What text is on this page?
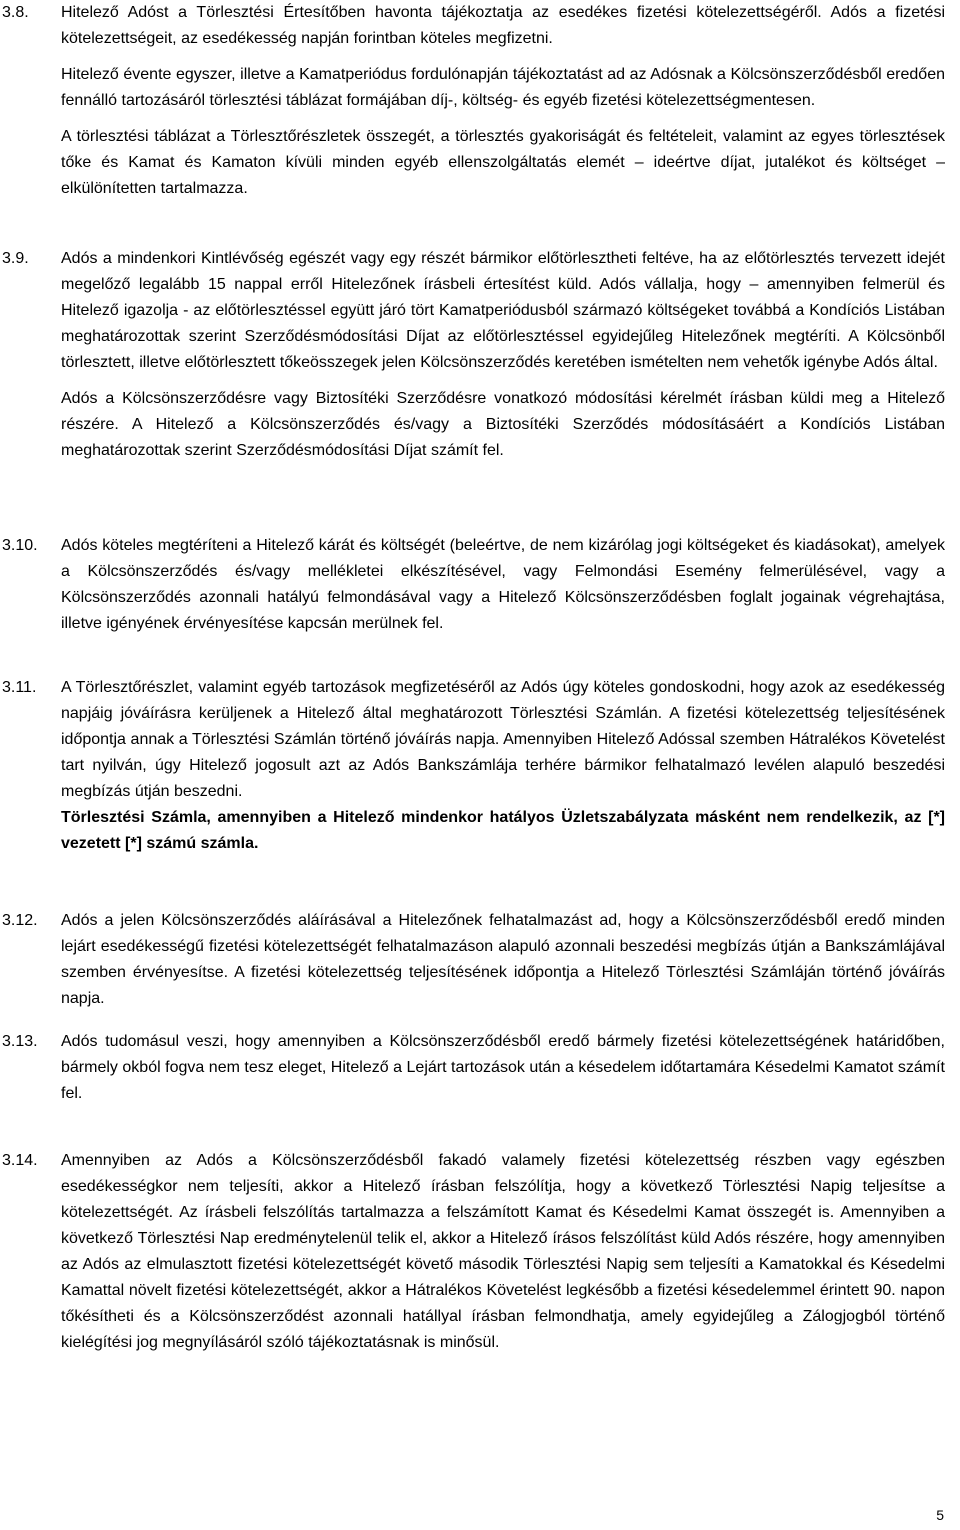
3.8. Hitelező Adóst a Törlesztési Értesítőben havonta tájékoztatja az esedékes fizetési kötelezettségéről. Adós a fizetési kötelezettségeit, az esedékesség napján forintban köteles megfizetni.

Hitelező évente egyszer, illetve a Kamatperiódus fordulónapján tájékoztatást ad az Adósnak a Kölcsönszerződésből eredően fennálló tartozásáról törlesztési táblázat formájában díj-, költség- és egyéb fizetési kötelezettségmentesen.

A törlesztési táblázat a Törlesztőrészletek összegét, a törlesztés gyakoriságát és feltételeit, valamint az egyes törlesztések tőke és Kamat és Kamaton kívüli minden egyéb ellenszolgáltatás elemét – ideértve díjat, jutalékot és költséget – elkülönítetten tartalmazza.

3.9. Adós a mindenkori Kintlévőség egészét vagy egy részét bármikor előtörlesztheti feltéve, ha az előtörlesztés tervezett idejét megelőző legalább 15 nappal erről Hitelezőnek írásbeli értesítést küld. Adós vállalja, hogy – amennyiben felmerül és Hitelező igazolja - az előtörlesztéssel együtt járó tört Kamatperiódusból származó költségeket továbbá a Kondíciós Listában meghatározottak szerint Szerződésmódosítási Díjat az előtörlesztéssel egyidejűleg Hitelezőnek megtéríti. A Kölcsönből törlesztett, illetve előtörlesztett tőkeösszegek jelen Kölcsönszerződés keretében ismételten nem vehetők igénybe Adós által.

Adós a Kölcsönszerződésre vagy Biztosítéki Szerződésre vonatkozó módosítási kérelmét írásban küldi meg a Hitelező részére. A Hitelező a Kölcsönszerződés és/vagy a Biztosítéki Szerződés módosításáért a Kondíciós Listában meghatározottak szerint Szerződésmódosítási Díjat számít fel.

3.10. Adós köteles megtéríteni a Hitelező kárát és költségét (beleértve, de nem kizárólag jogi költségeket és kiadásokat), amelyek a Kölcsönszerződés és/vagy mellékletei elkészítésével, vagy Felmondási Esemény felmerülésével, vagy a Kölcsönszerződés azonnali hatályú felmondásával vagy a Hitelező Kölcsönszerződésben foglalt jogainak végrehajtása, illetve igényének érvényesítése kapcsán merülnek fel.

3.11. A Törlesztőrészlet, valamint egyéb tartozások megfizetéséről az Adós úgy köteles gondoskodni, hogy azok az esedékesség napjáig jóváírásra kerüljenek a Hitelező által meghatározott Törlesztési Számlán. A fizetési kötelezettség teljesítésének időpontja annak a Törlesztési Számlán történő jóváírás napja. Amennyiben Hitelező Adóssal szemben Hátralékos Követelést tart nyilván, úgy Hitelező jogosult azt az Adós Bankszámlája terhére bármikor felhatalmazó levélen alapuló beszedési megbízás útján beszedni.

Törlesztési Számla, amennyiben a Hitelező mindenkor hatályos Üzletszabályzata másként nem rendelkezik, az [*] vezetett [*] számú számla.

3.12. Adós a jelen Kölcsönszerződés aláírásával a Hitelezőnek felhatalmazást ad, hogy a Kölcsönszerződésből eredő minden lejárt esedékességű fizetési kötelezettségét felhatalmazáson alapuló azonnali beszedési megbízás útján a Bankszámlájával szemben érvényesítse. A fizetési kötelezettség teljesítésének időpontja a Hitelező Törlesztési Számláján történő jóváírás napja.

3.13. Adós tudomásul veszi, hogy amennyiben a Kölcsönszerződésből eredő bármely fizetési kötelezettségének határidőben, bármely okból fogva nem tesz eleget, Hitelező a Lejárt tartozások után a késedelem időtartamára Késedelmi Kamatot számít fel.

3.14. Amennyiben az Adós a Kölcsönszerződésből fakadó valamely fizetési kötelezettség részben vagy egészben esedékességkor nem teljesíti, akkor a Hitelező írásban felszólítja, hogy a következő Törlesztési Napig teljesítse a kötelezettségét. Az írásbeli felszólítás tartalmazza a felszámított Kamat és Késedelmi Kamat összegét is. Amennyiben a következő Törlesztési Nap eredménytelenül telik el, akkor a Hitelező írásos felszólítást küld Adós részére, hogy amennyiben az Adós az elmulasztott fizetési kötelezettségét követő második Törlesztési Napig sem teljesíti a Kamatokkal és Késedelmi Kamattal növelt fizetési kötelezettségét, akkor a Hátralékos Követelést legkésőbb a fizetési késedelemmel érintett 90. napon tőkésítheti és a Kölcsönszerződést azonnali hatállyal írásban felmondhatja, amely egyidejűleg a Zálogjogból történő kielégítési jog megnyílásáról szóló tájékoztatásnak is minősül.

5
